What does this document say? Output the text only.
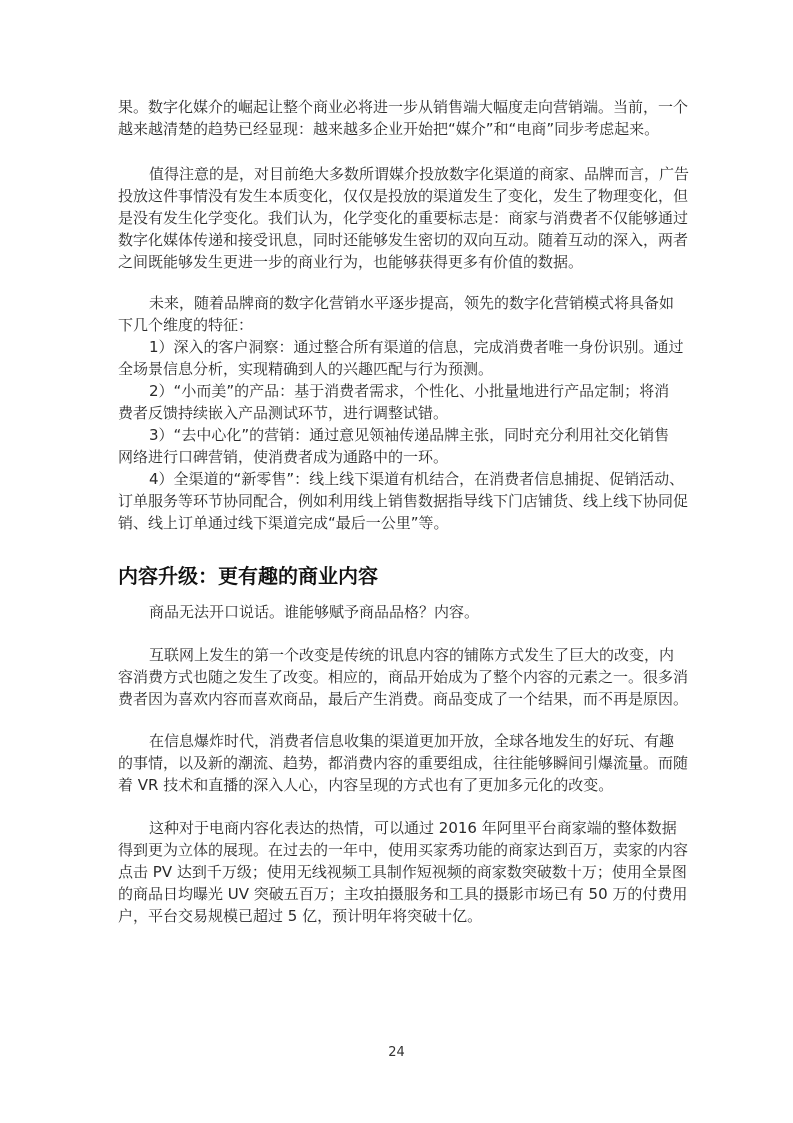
果。数字化媒介的崛起让整个商业必将进一步从销售端大幅度走向营销端。当前，一个
越来越清楚的趋势已经显现：越来越多企业开始把“媒介”和“电商”同步考虑起来。
值得注意的是，对目前绝大多数所谓媒介投放数字化渠道的商家、品牌而言，广告
投放这件事情没有发生本质变化，仅仅是投放的渠道发生了变化，发生了物理变化，但
是没有发生化学变化。我们认为，化学变化的重要标志是：商家与消费者不仅能够通过
数字化媒体传递和接受讯息，同时还能够发生密切的双向互动。随着互动的深入，两者
之间既能够发生更进一步的商业行为，也能够获得更多有价值的数据。
未来，随着品牌商的数字化营销水平逐步提高，领先的数字化营销模式将具备如
下几个维度的特征：
1）深入的客户洞察：通过整合所有渠道的信息，完成消费者唯一身份识别。通过
全场景信息分析，实现精确到人的兴趣匹配与行为预测。
2）“小而美”的产品：基于消费者需求，个性化、小批量地进行产品定制；将消
费者反馈持续嵌入产品测试环节，进行调整试错。
3）“去中心化”的营销：通过意见领袖传递品牌主张，同时充分利用社交化销售
网络进行口碑营销，使消费者成为通路中的一环。
4）全渠道的“新零售”：线上线下渠道有机结合，在消费者信息捕捉、促销活动、
订单服务等环节协同配合，例如利用线上销售数据指导线下门店铺货、线上线下协同促
销、线上订单通过线下渠道完成“最后一公里”等。
内容升级：更有趣的商业内容
商品无法开口说话。谁能够赋予商品品格？内容。
互联网上发生的第一个改变是传统的讯息内容的铺陈方式发生了巨大的改变，内
容消费方式也随之发生了改变。相应的，商品开始成为了整个内容的元素之一。很多消
费者因为喜欢内容而喜欢商品，最后产生消费。商品变成了一个结果，而不再是原因。
在信息爆炸时代，消费者信息收集的渠道更加开放，全球各地发生的好玩、有趣
的事情，以及新的潮流、趋势，都消费内容的重要组成，往往能够瞬间引爆流量。而随
着 VR 技术和直播的深入人心，内容呈现的方式也有了更加多元化的改变。
这种对于电商内容化表达的热情，可以通过 2016 年阿里平台商家端的整体数据
得到更为立体的展现。在过去的一年中，使用买家秀功能的商家达到百万，卖家的内容
点击 PV 达到千万级；使用无线视频工具制作短视频的商家数突破数十万；使用全景图
的商品日均曝光 UV 突破五百万；主攻拍摄服务和工具的摄影市场已有 50 万的付费用
户，平台交易规模已超过 5 亿，预计明年将突破十亿。
24
